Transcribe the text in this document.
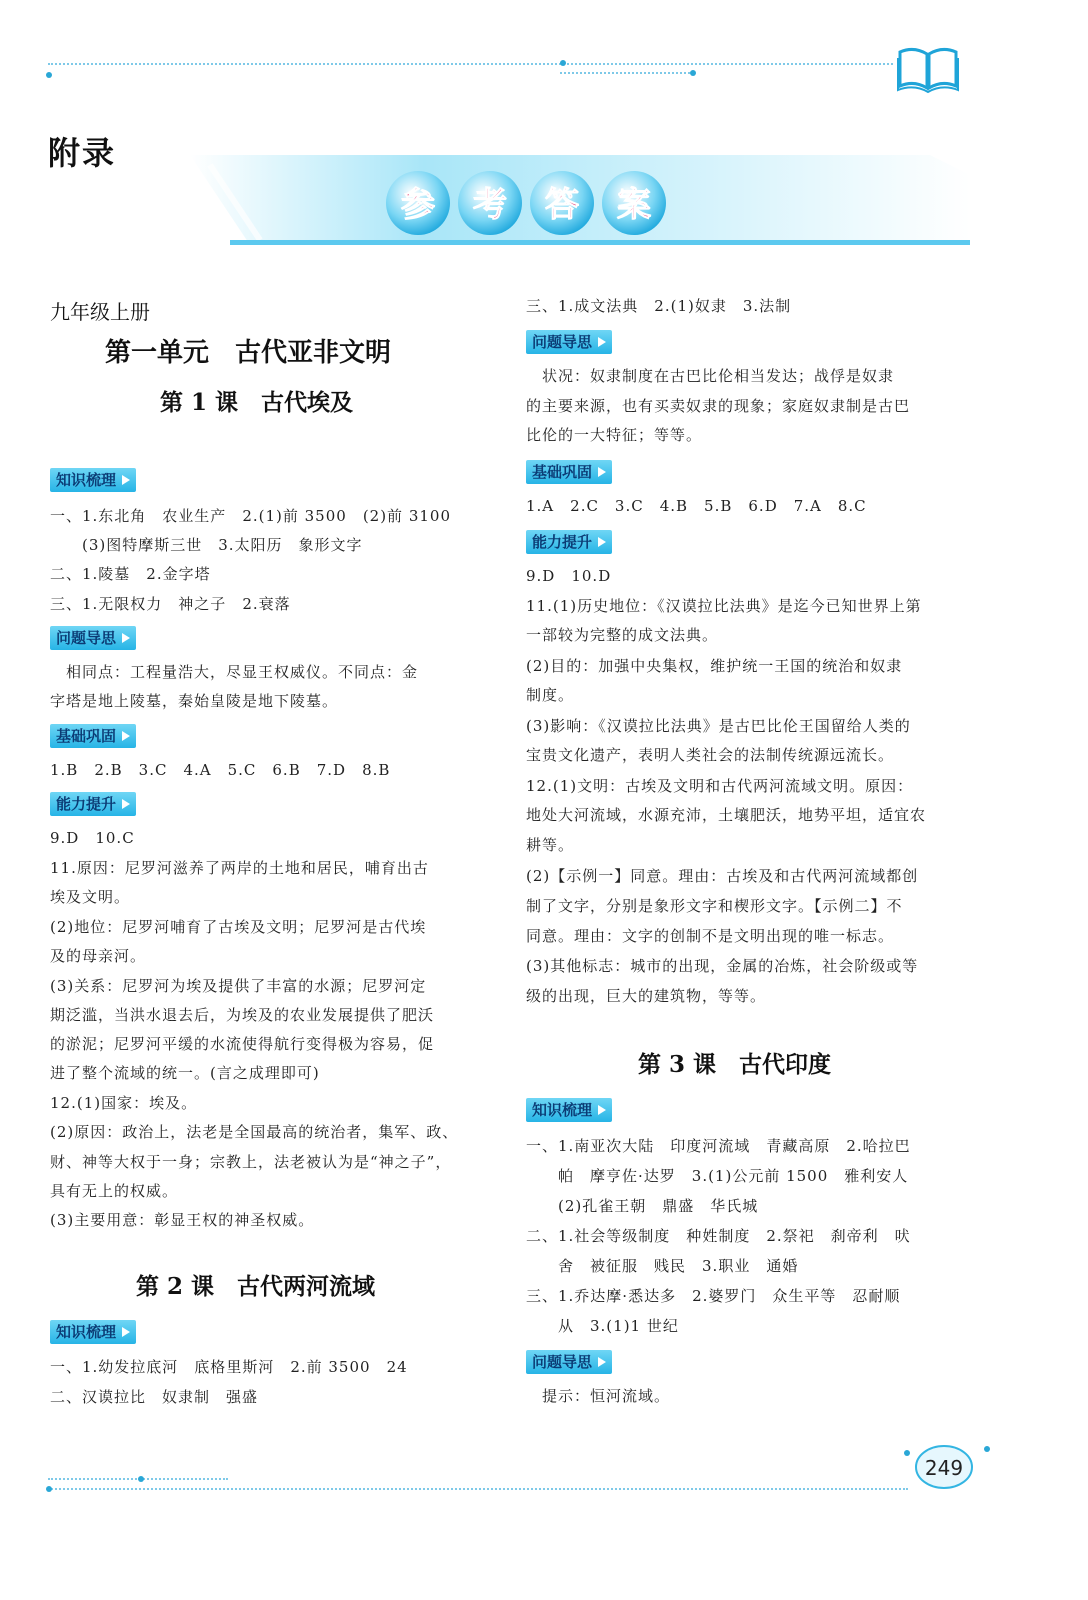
附录
参 考 答 案
九年级上册
第一单元　古代亚非文明
第 1 课　古代埃及
知识梳理
一、1.东北角　农业生产　2.(1)前 3500　(2)前 3100
　　(3)图特摩斯三世　3.太阳历　象形文字
二、1.陵墓　2.金字塔
三、1.无限权力　神之子　2.衰落
问题导思
　相同点：工程量浩大，尽显王权威仪。不同点：金
字塔是地上陵墓，秦始皇陵是地下陵墓。
基础巩固
1.B　2.B　3.C　4.A　5.C　6.B　7.D　8.B
能力提升
9.D　10.C
11.原因：尼罗河滋养了两岸的土地和居民，哺育出古
埃及文明。
(2)地位：尼罗河哺育了古埃及文明；尼罗河是古代埃
及的母亲河。
(3)关系：尼罗河为埃及提供了丰富的水源；尼罗河定
期泛滥，当洪水退去后，为埃及的农业发展提供了肥沃
的淤泥；尼罗河平缓的水流使得航行变得极为容易，促
进了整个流域的统一。(言之成理即可)
12.(1)国家：埃及。
(2)原因：政治上，法老是全国最高的统治者，集军、政、
财、神等大权于一身；宗教上，法老被认为是“神之子”，
具有无上的权威。
(3)主要用意：彰显王权的神圣权威。
第 2 课　古代两河流域
知识梳理
一、1.幼发拉底河　底格里斯河　2.前 3500　24
二、汉谟拉比　奴隶制　强盛
三、1.成文法典　2.(1)奴隶　3.法制
问题导思
　状况：奴隶制度在古巴比伦相当发达；战俘是奴隶
的主要来源，也有买卖奴隶的现象；家庭奴隶制是古巴
比伦的一大特征；等等。
基础巩固
1.A　2.C　3.C　4.B　5.B　6.D　7.A　8.C
能力提升
9.D　10.D
11.(1)历史地位：《汉谟拉比法典》是迄今已知世界上第
一部较为完整的成文法典。
(2)目的：加强中央集权，维护统一王国的统治和奴隶
制度。
(3)影响：《汉谟拉比法典》是古巴比伦王国留给人类的
宝贵文化遗产，表明人类社会的法制传统源远流长。
12.(1)文明：古埃及文明和古代两河流域文明。原因：
地处大河流域，水源充沛，土壤肥沃，地势平坦，适宜农
耕等。
(2)【示例一】同意。理由：古埃及和古代两河流域都创
制了文字，分别是象形文字和楔形文字。【示例二】不
同意。理由：文字的创制不是文明出现的唯一标志。
(3)其他标志：城市的出现，金属的冶炼，社会阶级或等
级的出现，巨大的建筑物，等等。
第 3 课　古代印度
知识梳理
一、1.南亚次大陆　印度河流域　青藏高原　2.哈拉巴
　　帕　摩亨佐·达罗　3.(1)公元前 1500　雅利安人
　　(2)孔雀王朝　鼎盛　华氏城
二、1.社会等级制度　种姓制度　2.祭祀　刹帝利　吠
　　舍　被征服　贱民　3.职业　通婚
三、1.乔达摩·悉达多　2.婆罗门　众生平等　忍耐顺
　　从　3.(1)1 世纪
问题导思
　提示：恒河流域。
249
